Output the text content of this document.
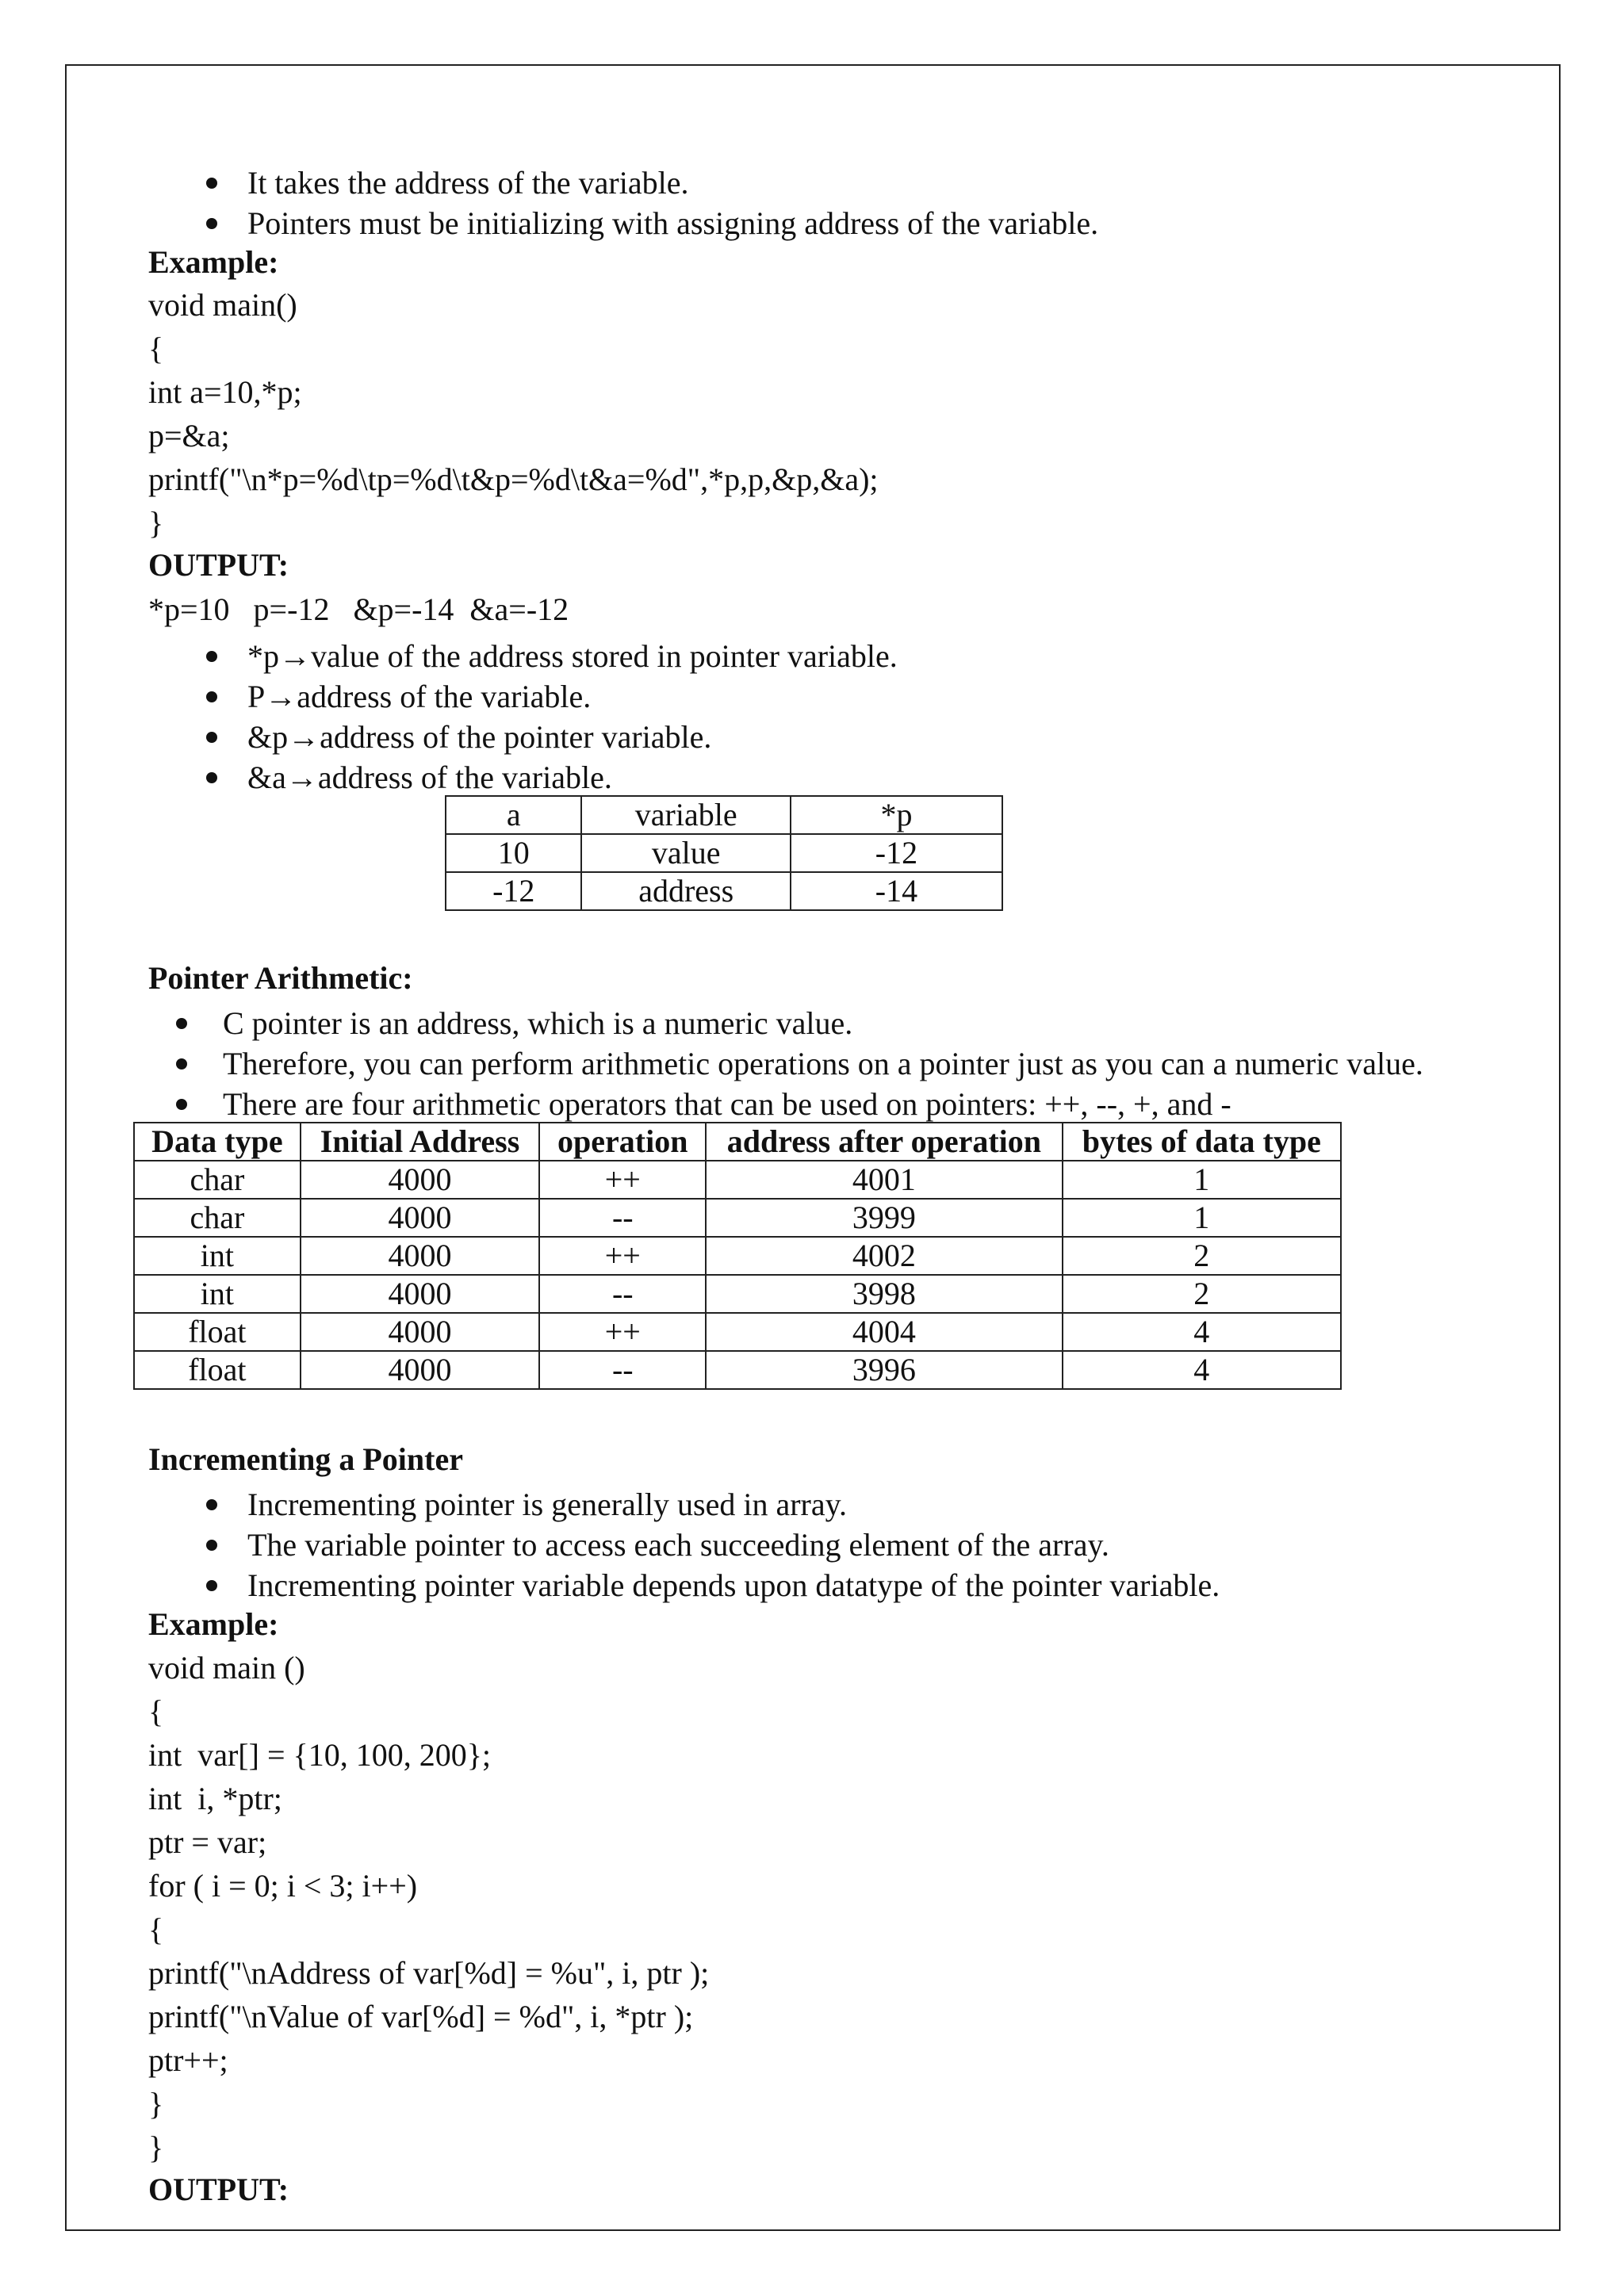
It takes the address of the variable.
Pointers must be initializing with assigning address of the variable.
Example:
void main()
{
int a=10,*p;
p=&a;
printf("\n*p=%d\tp=%d\t&p=%d\t&a=%d",*p,p,&p,&a);
}
OUTPUT:
*p=10   p=-12   &p=-14  &a=-12
*p→value of the address stored in pointer variable.
P→address of the variable.
&p→address of the pointer variable.
&a→address of the variable.
a	variable	*p
10	value	-12
-12	address	-14
Pointer Arithmetic:
C pointer is an address, which is a numeric value.
Therefore, you can perform arithmetic operations on a pointer just as you can a numeric value.
There are four arithmetic operators that can be used on pointers: ++, --, +, and -
Data type	Initial Address	operation	address after operation	bytes of data type
char	4000	++	4001	1
char	4000	--	3999	1
int	4000	++	4002	2
int	4000	--	3998	2
float	4000	++	4004	4
float	4000	--	3996	4
Incrementing a Pointer
Incrementing pointer is generally used in array.
The variable pointer to access each succeeding element of the array.
Incrementing pointer variable depends upon datatype of the pointer variable.
Example:
void main ()
{
int  var[] = {10, 100, 200};
int  i, *ptr;
ptr = var;
for ( i = 0; i < 3; i++)
{
printf("\nAddress of var[%d] = %u", i, ptr );
printf("\nValue of var[%d] = %d", i, *ptr );
ptr++;
}
}
OUTPUT:
